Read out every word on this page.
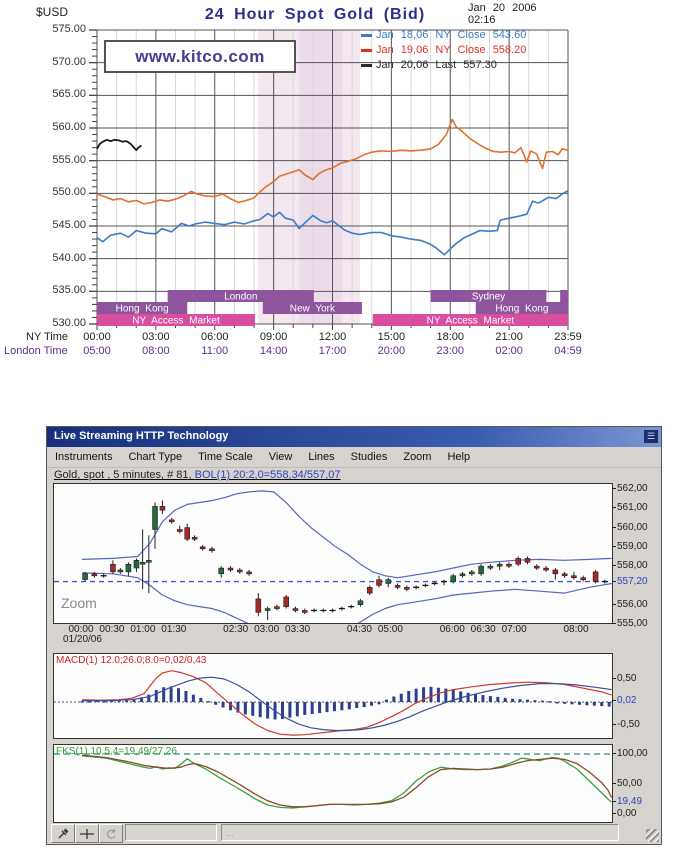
London	Sydney
Hong Kong	New York	Hong Kong
NY Access Market	NY Access Market
$USD	24 Hour Spot Gold (Bid)	Jan 20 2006
02:16
www.kitco.com
Jan 18,06 NY Close 543.60
Jan 19,06 NY Close 558.20
Jan 20,06 Last 557.30
530.00
535.00
540.00
545.00
550.00
555.00
560.00
565.00
570.00
575.00
NY Time
London Time
00:00
05:00
03:00
08:00
06:00
11:00
09:00
14:00
12:00
17:00
15:00
20:00
18:00
23:00
21:00
02:00
23:59
04:59
Live Streaming HTTP Technology	☰
Instruments Chart Type Time Scale View Lines Studies Zoom Help
Gold, spot , 5 minutes, # 81, BOL(1) 20:2,0=558,34/557,07
Zoom
562,00
561,00
560,00
559,00
558,00
557,20
556,00
555,00
00:00 00:30 01:00 01:30	02:30 03:00 03:30	04:30 05:00	06:00 06:30 07:00	08:00
01/20/06
MACD(1) 12.0;26.0;8.0=0,02/0,43
0,50
0,02
-0,50
FKS(1) 10,5,4=19,49/27,26	100,00
50,00
19,49
0,00
...
